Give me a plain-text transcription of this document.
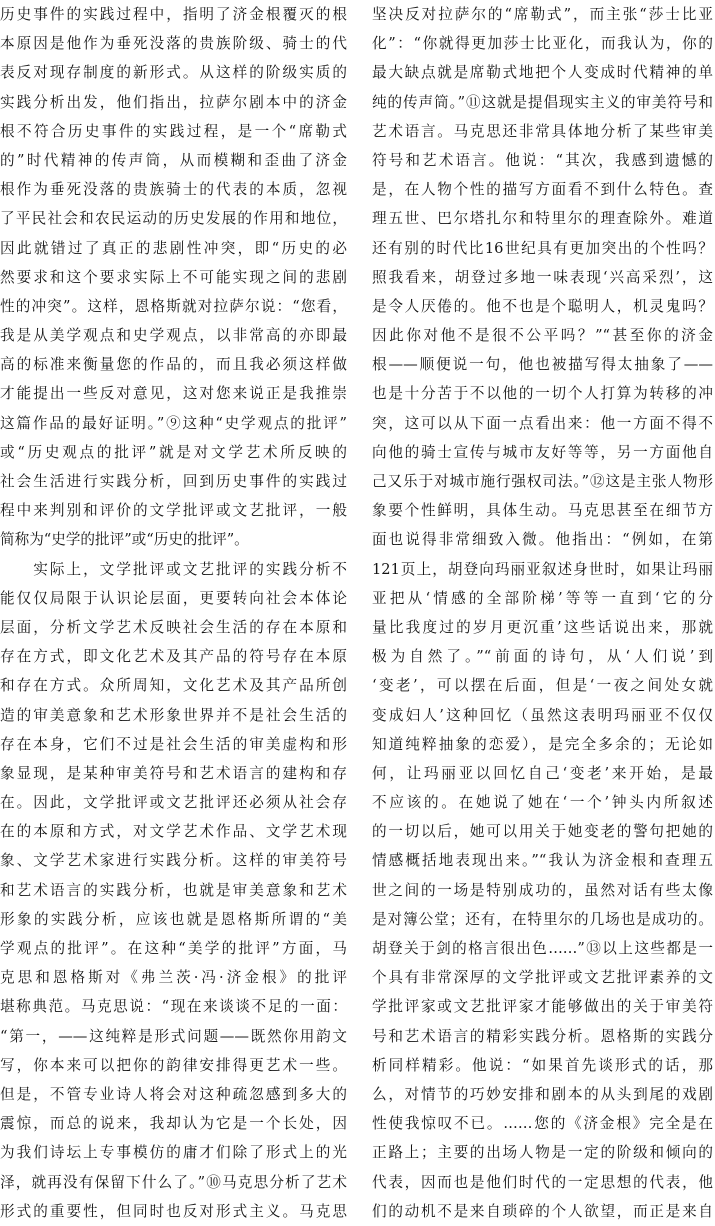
历史事件的实践过程中，指明了济金根覆灭的根
本原因是他作为垂死没落的贵族阶级、骑士的代
表反对现存制度的新形式。从这样的阶级实质的
实践分析出发，他们指出，拉萨尔剧本中的济金
根不符合历史事件的实践过程，是一个“席勒式
的”时代精神的传声筒，从而模糊和歪曲了济金
根作为垂死没落的贵族骑士的代表的本质，忽视
了平民社会和农民运动的历史发展的作用和地位，
因此就错过了真正的悲剧性冲突，即“历史的必
然要求和这个要求实际上不可能实现之间的悲剧
性的冲突”。这样，恩格斯就对拉萨尔说：“您看，
我是从美学观点和史学观点，以非常高的亦即最
高的标准来衡量您的作品的，而且我必须这样做
才能提出一些反对意见，这对您来说正是我推崇
这篇作品的最好证明。”⑨这种“史学观点的批评”
或“历史观点的批评”就是对文学艺术所反映的
社会生活进行实践分析，回到历史事件的实践过
程中来判别和评价的文学批评或文艺批评，一般
简称为“史学的批评”或“历史的批评”。
　　实际上，文学批评或文艺批评的实践分析不
能仅仅局限于认识论层面，更要转向社会本体论
层面，分析文学艺术反映社会生活的存在本原和
存在方式，即文化艺术及其产品的符号存在本原
和存在方式。众所周知，文化艺术及其产品所创
造的审美意象和艺术形象世界并不是社会生活的
存在本身，它们不过是社会生活的审美虚构和形
象显现，是某种审美符号和艺术语言的建构和存
在。因此，文学批评或文艺批评还必须从社会存
在的本原和方式，对文学艺术作品、文学艺术现
象、文学艺术家进行实践分析。这样的审美符号
和艺术语言的实践分析，也就是审美意象和艺术
形象的实践分析，应该也就是恩格斯所谓的“美
学观点的批评”。在这种“美学的批评”方面，马
克思和恩格斯对《弗兰茨·冯·济金根》的批评
堪称典范。马克思说：“现在来谈谈不足的一面：
“第一，——这纯粹是形式问题——既然你用韵文
写，你本来可以把你的韵律安排得更艺术一些。
但是，不管专业诗人将会对这种疏忽感到多大的
震惊，而总的说来，我却认为它是一个长处，因
为我们诗坛上专事模仿的庸才们除了形式上的光
泽，就再没有保留下什么了。”⑩马克思分析了艺术
形式的重要性，但同时也反对形式主义。马克思
坚决反对拉萨尔的“席勒式”，而主张“莎士比亚
化”：“你就得更加莎士比亚化，而我认为，你的
最大缺点就是席勒式地把个人变成时代精神的单
纯的传声筒。”⑪这就是提倡现实主义的审美符号和
艺术语言。马克思还非常具体地分析了某些审美
符号和艺术语言。他说：“其次，我感到遗憾的
是，在人物个性的描写方面看不到什么特色。查
理五世、巴尔塔扎尔和特里尔的理查除外。难道
还有别的时代比16世纪具有更加突出的个性吗？
照我看来，胡登过多地一味表现‘兴高采烈’，这
是令人厌倦的。他不也是个聪明人，机灵鬼吗？
因此你对他不是很不公平吗？”“甚至你的济金
根——顺便说一句，他也被描写得太抽象了——
也是十分苦于不以他的一切个人打算为转移的冲
突，这可以从下面一点看出来：他一方面不得不
向他的骑士宣传与城市友好等等，另一方面他自
己又乐于对城市施行强权司法。”⑫这是主张人物形
象要个性鲜明，具体生动。马克思甚至在细节方
面也说得非常细致入微。他指出：“例如，在第
121页上，胡登向玛丽亚叙述身世时，如果让玛丽
亚把从‘情感的全部阶梯’等等一直到‘它的分
量比我度过的岁月更沉重’这些话说出来，那就
极为自然了。”“前面的诗句，从‘人们说’到
‘变老’，可以摆在后面，但是‘一夜之间处女就
变成妇人’这种回忆（虽然这表明玛丽亚不仅仅
知道纯粹抽象的恋爱），是完全多余的；无论如
何，让玛丽亚以回忆自己‘变老’来开始，是最
不应该的。在她说了她在‘一个’钟头内所叙述
的一切以后，她可以用关于她变老的警句把她的
情感概括地表现出来。”“我认为济金根和查理五
世之间的一场是特别成功的，虽然对话有些太像
是对簿公堂；还有，在特里尔的几场也是成功的。
胡登关于剑的格言很出色……”⑬以上这些都是一
个具有非常深厚的文学批评或文艺批评素养的文
学批评家或文艺批评家才能够做出的关于审美符
号和艺术语言的精彩实践分析。恩格斯的实践分
析同样精彩。他说：“如果首先谈形式的话，那
么，对情节的巧妙安排和剧本的从头到尾的戏剧
性使我惊叹不已。……您的《济金根》完全是在
正路上；主要的出场人物是一定的阶级和倾向的
代表，因而也是他们时代的一定思想的代表，他
们的动机不是来自琐碎的个人欲望，而正是来自
